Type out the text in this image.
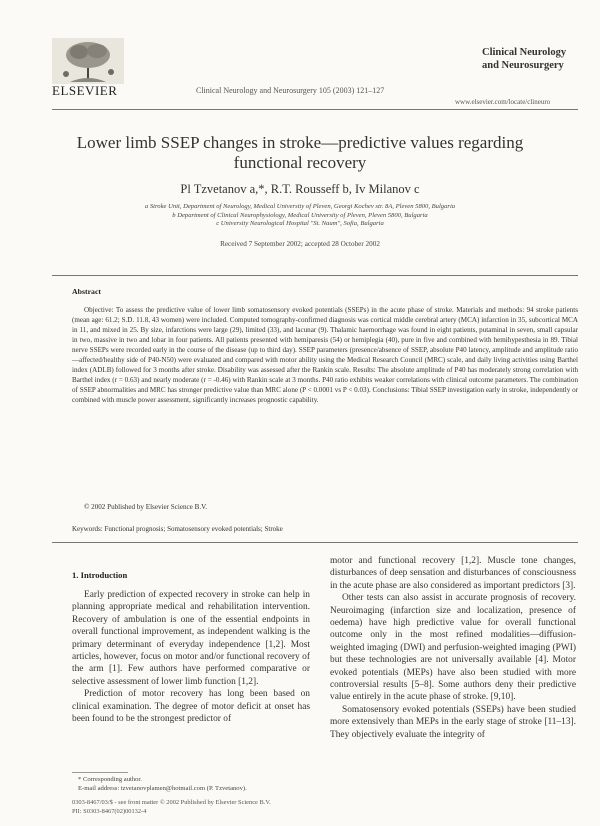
ELSEVIER	Clinical Neurology and Neurosurgery 105 (2003) 121–127
Clinical Neurology
and Neurosurgery
www.elsevier.com/locate/clineuro
Lower limb SSEP changes in stroke—predictive values regarding
functional recovery
Pl Tzvetanov a,*, R.T. Rousseff b, Iv Milanov c
a Stroke Unit, Department of Neurology, Medical University of Pleven, Georgi Kochev str. 8A, Pleven 5800, Bulgaria
b Department of Clinical Neurophysiology, Medical University of Pleven, Pleven 5800, Bulgaria
c University Neurological Hospital "St. Naum", Sofia, Bulgaria
Received 7 September 2002; accepted 28 October 2002
Abstract
Objective: To assess the predictive value of lower limb somatosensory evoked potentials (SSEPs) in the acute phase of stroke. Materials and methods: 94 stroke patients (mean age: 61.2; S.D. 11.8, 43 women) were included. Computed tomography-confirmed diagnosis was cortical middle cerebral artery (MCA) infarction in 35, subcortical MCA in 11, and mixed in 25. By size, infarctions were large (29), limited (33), and lacunar (9). Thalamic haemorrhage was found in eight patients, putaminal in seven, small capsular in two, massive in two and lobar in four patients. All patients presented with hemiparesis (54) or hemiplegia (40), pure in five and combined with hemihypesthesia in 89. Tibial nerve SSEPs were recorded early in the course of the disease (up to third day). SSEP parameters (presence/absence of SSEP, absolute P40 latency, amplitude and amplitude ratio—affected/healthy side of P40-N50) were evaluated and compared with motor ability using the Medical Research Council (MRC) scale, and daily living activities using Barthel index (ADLB) followed for 3 months after stroke. Disability was assessed after the Rankin scale. Results: The absolute amplitude of P40 has moderately strong correlation with Barthel index (r = 0.63) and nearly moderate (r = -0.46) with Rankin scale at 3 months. P40 ratio exhibits weaker correlations with clinical outcome parameters. The combination of SSEP abnormalities and MRC has stronger predictive value than MRC alone (P < 0.0001 vs P < 0.03). Conclusions: Tibial SSEP investigation early in stroke, independently or combined with muscle power assessment, significantly increases prognostic capability.
© 2002 Published by Elsevier Science B.V.
Keywords: Functional prognosis; Somatosensory evoked potentials; Stroke
1. Introduction

Early prediction of expected recovery in stroke can help in planning appropriate medical and rehabilitation intervention. Recovery of ambulation is one of the essential endpoints in overall functional improvement, as independent walking is the primary determinant of everyday independence [1,2]. Most articles, however, focus on motor and/or functional recovery of the arm [1]. Few authors have performed comparative or selective assessment of lower limb function [1,2].

Prediction of motor recovery has long been based on clinical examination. The degree of motor deficit at onset has been found to be the strongest predictor of

motor and functional recovery [1,2]. Muscle tone changes, disturbances of deep sensation and disturbances of consciousness in the acute phase are also considered as important predictors [3].

Other tests can also assist in accurate prognosis of recovery. Neuroimaging (infarction size and localization, presence of oedema) have high predictive value for overall functional outcome only in the most refined modalities—diffusion-weighted imaging (DWI) and perfusion-weighted imaging (PWI) but these technologies are not universally available [4]. Motor evoked potentials (MEPs) have also been studied with more controversial results [5–8]. Some authors deny their predictive value entirely in the acute phase of stroke. [9,10].

Somatosensory evoked potentials (SSEPs) have been studied more extensively than MEPs in the early stage of stroke [11–13]. They objectively evaluate the integrity of

* Corresponding author.
E-mail address: tzvetanovplamen@hotmail.com (P. Tzvetanov).
0303-8467/03/$ - see front matter © 2002 Published by Elsevier Science B.V.
PII: S0303-8467(02)00132-4
